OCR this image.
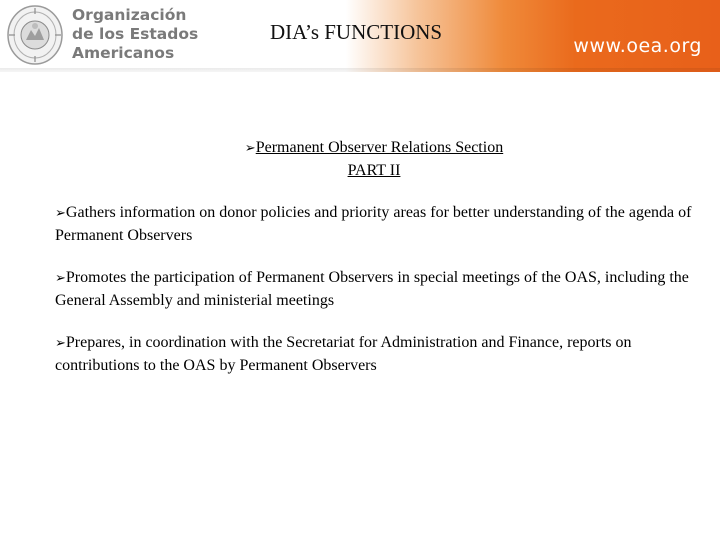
Organización
de los Estados
Americanos
DIA’s FUNCTIONS
www.oea.org
➢Permanent Observer Relations Section
PART II
➢Gathers information on donor policies and priority areas for better understanding of the agenda of Permanent Observers
➢Promotes the participation of Permanent Observers in special meetings of the OAS, including the General Assembly and ministerial meetings
➢Prepares, in coordination with the Secretariat for Administration and Finance, reports on contributions to the OAS by Permanent Observers
